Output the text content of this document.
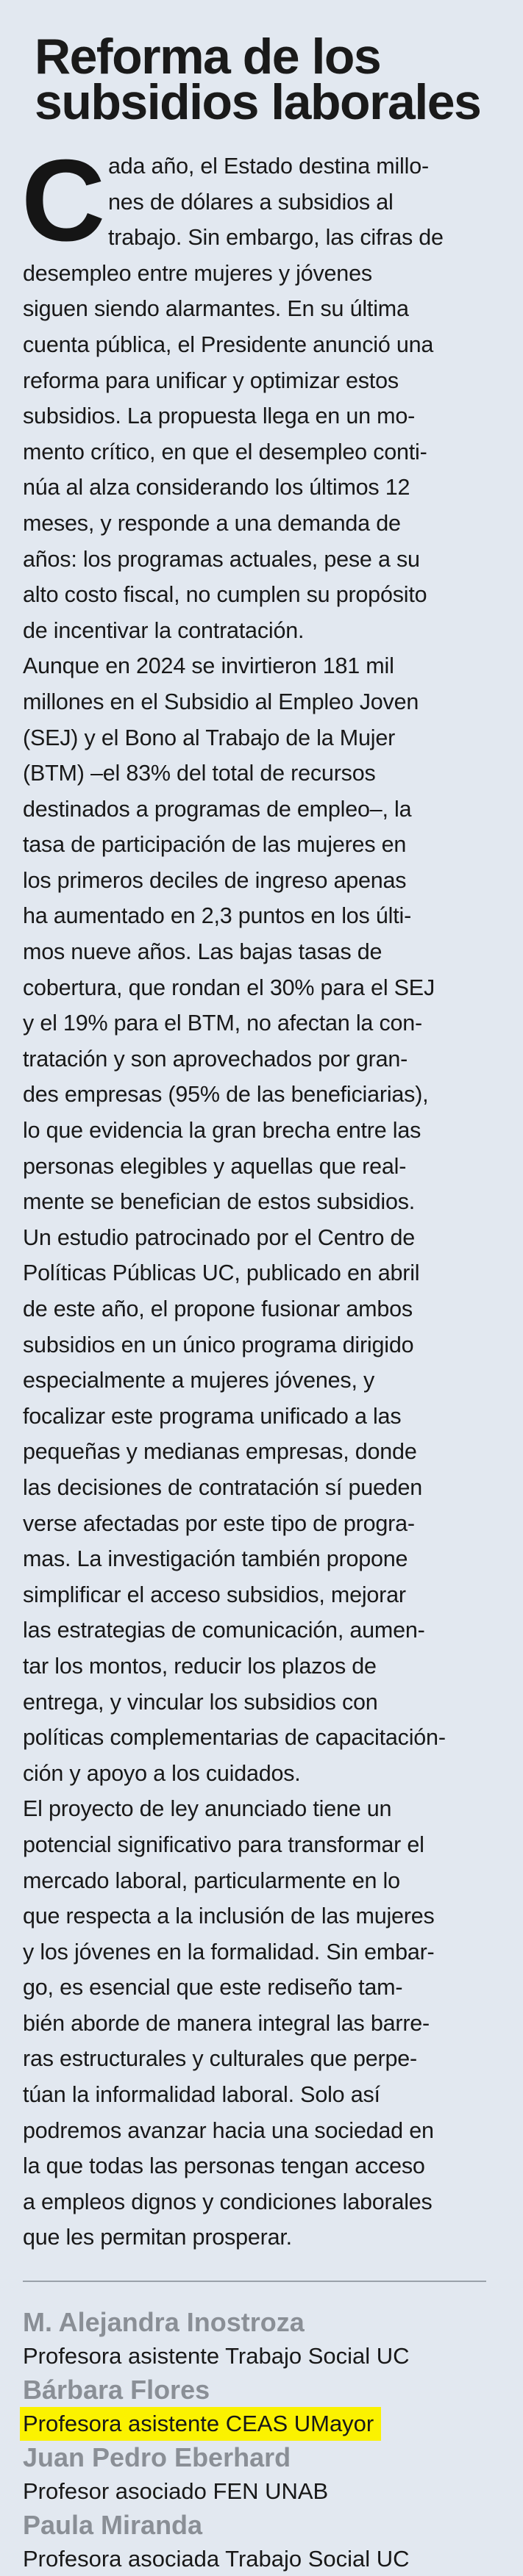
Reforma de los
subsidios laborales
C ada año, el Estado destina millo-
nes de dólares a subsidios al
trabajo. Sin embargo, las cifras de
desempleo entre mujeres y jóvenes
siguen siendo alarmantes. En su última
cuenta pública, el Presidente anunció una
reforma para unificar y optimizar estos
subsidios. La propuesta llega en un mo-
mento crítico, en que el desempleo conti-
núa al alza considerando los últimos 12
meses, y responde a una demanda de
años: los programas actuales, pese a su
alto costo fiscal, no cumplen su propósito
de incentivar la contratación.
Aunque en 2024 se invirtieron 181 mil
millones en el Subsidio al Empleo Joven
(SEJ) y el Bono al Trabajo de la Mujer
(BTM) –el 83% del total de recursos
destinados a programas de empleo–, la
tasa de participación de las mujeres en
los primeros deciles de ingreso apenas
ha aumentado en 2,3 puntos en los últi-
mos nueve años. Las bajas tasas de
cobertura, que rondan el 30% para el SEJ
y el 19% para el BTM, no afectan la con-
tratación y son aprovechados por gran-
des empresas (95% de las beneficiarias),
lo que evidencia la gran brecha entre las
personas elegibles y aquellas que real-
mente se benefician de estos subsidios.
Un estudio patrocinado por el Centro de
Políticas Públicas UC, publicado en abril
de este año, el propone fusionar ambos
subsidios en un único programa dirigido
especialmente a mujeres jóvenes, y
focalizar este programa unificado a las
pequeñas y medianas empresas, donde
las decisiones de contratación sí pueden
verse afectadas por este tipo de progra-
mas. La investigación también propone
simplificar el acceso subsidios, mejorar
las estrategias de comunicación, aumen-
tar los montos, reducir los plazos de
entrega, y vincular los subsidios con
políticas complementarias de capacitación-
ción y apoyo a los cuidados.
El proyecto de ley anunciado tiene un
potencial significativo para transformar el
mercado laboral, particularmente en lo
que respecta a la inclusión de las mujeres
y los jóvenes en la formalidad. Sin embar-
go, es esencial que este rediseño tam-
bién aborde de manera integral las barre-
ras estructurales y culturales que perpe-
túan la informalidad laboral. Solo así
podremos avanzar hacia una sociedad en
la que todas las personas tengan acceso
a empleos dignos y condiciones laborales
que les permitan prosperar.
M. Alejandra Inostroza
Profesora asistente Trabajo Social UC
Bárbara Flores
Profesora asistente CEAS UMayor
Juan Pedro Eberhard
Profesor asociado FEN UNAB
Paula Miranda
Profesora asociada Trabajo Social UC
